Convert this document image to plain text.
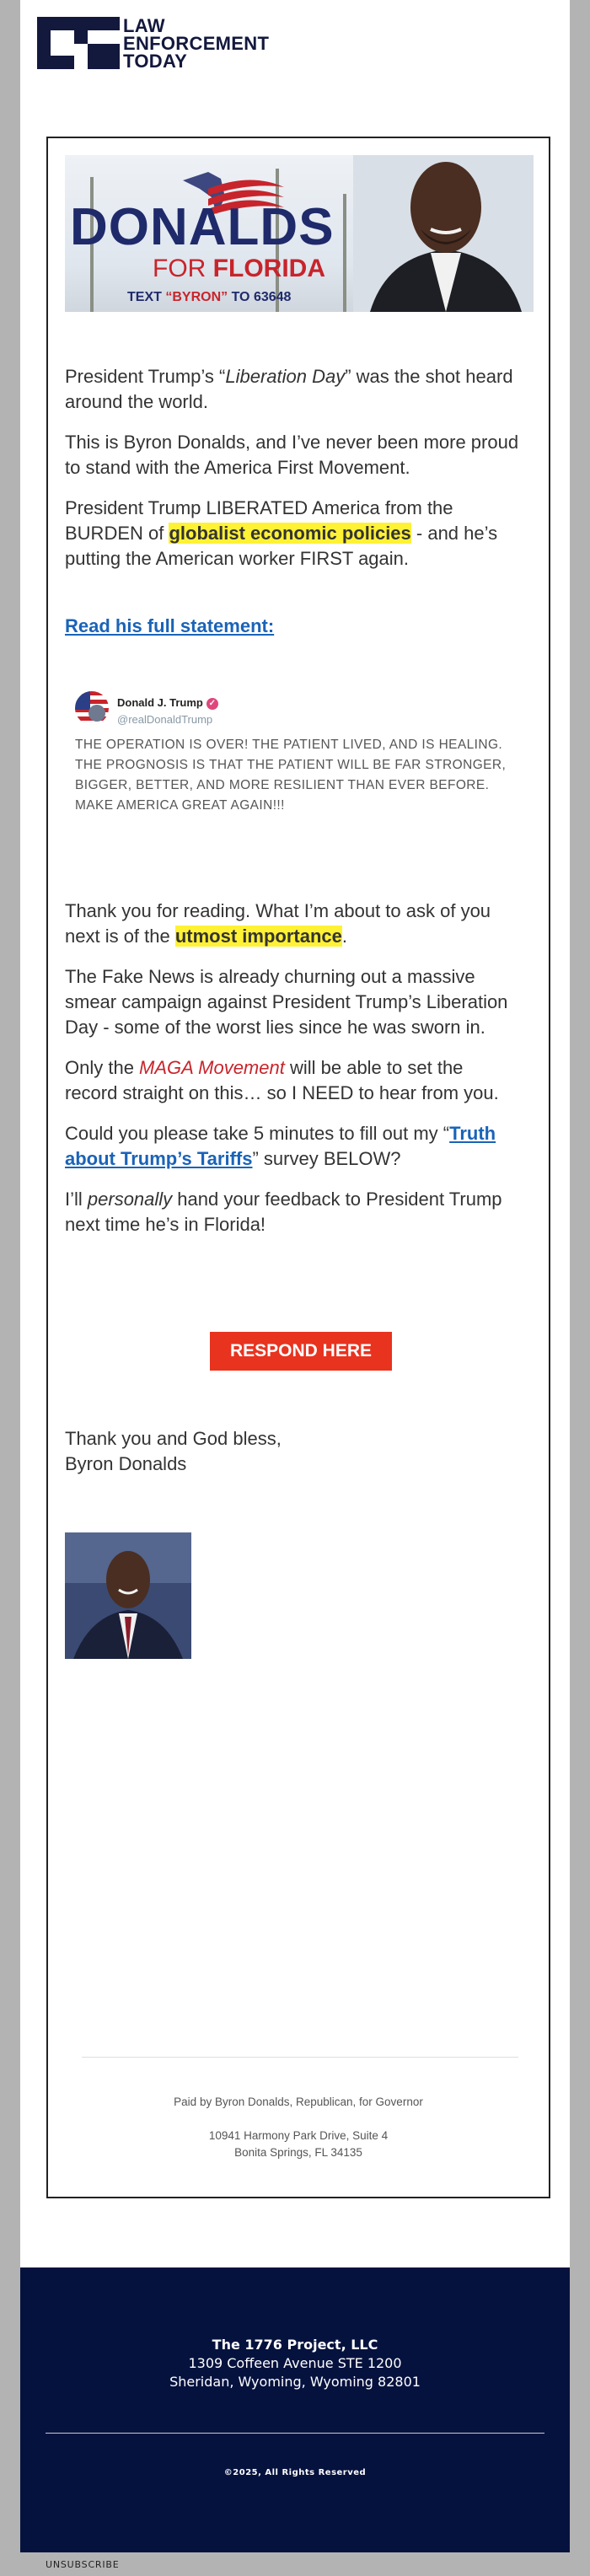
LAW
ENFORCEMENT
TODAY
DONALDS
FOR FLORIDA
TEXT “BYRON” TO 63648

President Trump’s “Liberation Day” was the shot heard around the world.

This is Byron Donalds, and I’ve never been more proud to stand with the America First Movement.

President Trump LIBERATED America from the BURDEN of globalist economic policies - and he’s putting the American worker FIRST again.

Read his full statement:
Donald J. Trump ✓
@realDonaldTrump
THE OPERATION IS OVER! THE PATIENT LIVED, AND IS HEALING. THE PROGNOSIS IS THAT THE PATIENT WILL BE FAR STRONGER, BIGGER, BETTER, AND MORE RESILIENT THAN EVER BEFORE. MAKE AMERICA GREAT AGAIN!!!

Thank you for reading. What I’m about to ask of you next is of the utmost importance.

The Fake News is already churning out a massive smear campaign against President Trump’s Liberation Day - some of the worst lies since he was sworn in.

Only the MAGA Movement will be able to set the record straight on this… so I NEED to hear from you.

Could you please take 5 minutes to fill out my “Truth about Trump’s Tariffs” survey BELOW?

I’ll personally hand your feedback to President Trump next time he’s in Florida!

RESPOND HERE

Thank you and God bless,

Byron Donalds

Paid by Byron Donalds, Republican, for Governor
10941 Harmony Park Drive, Suite 4
Bonita Springs, FL 34135
The 1776 Project, LLC
1309 Coffeen Avenue STE 1200
Sheridan, Wyoming, Wyoming 82801
©2025, All Rights Reserved
UNSUBSCRIBE
